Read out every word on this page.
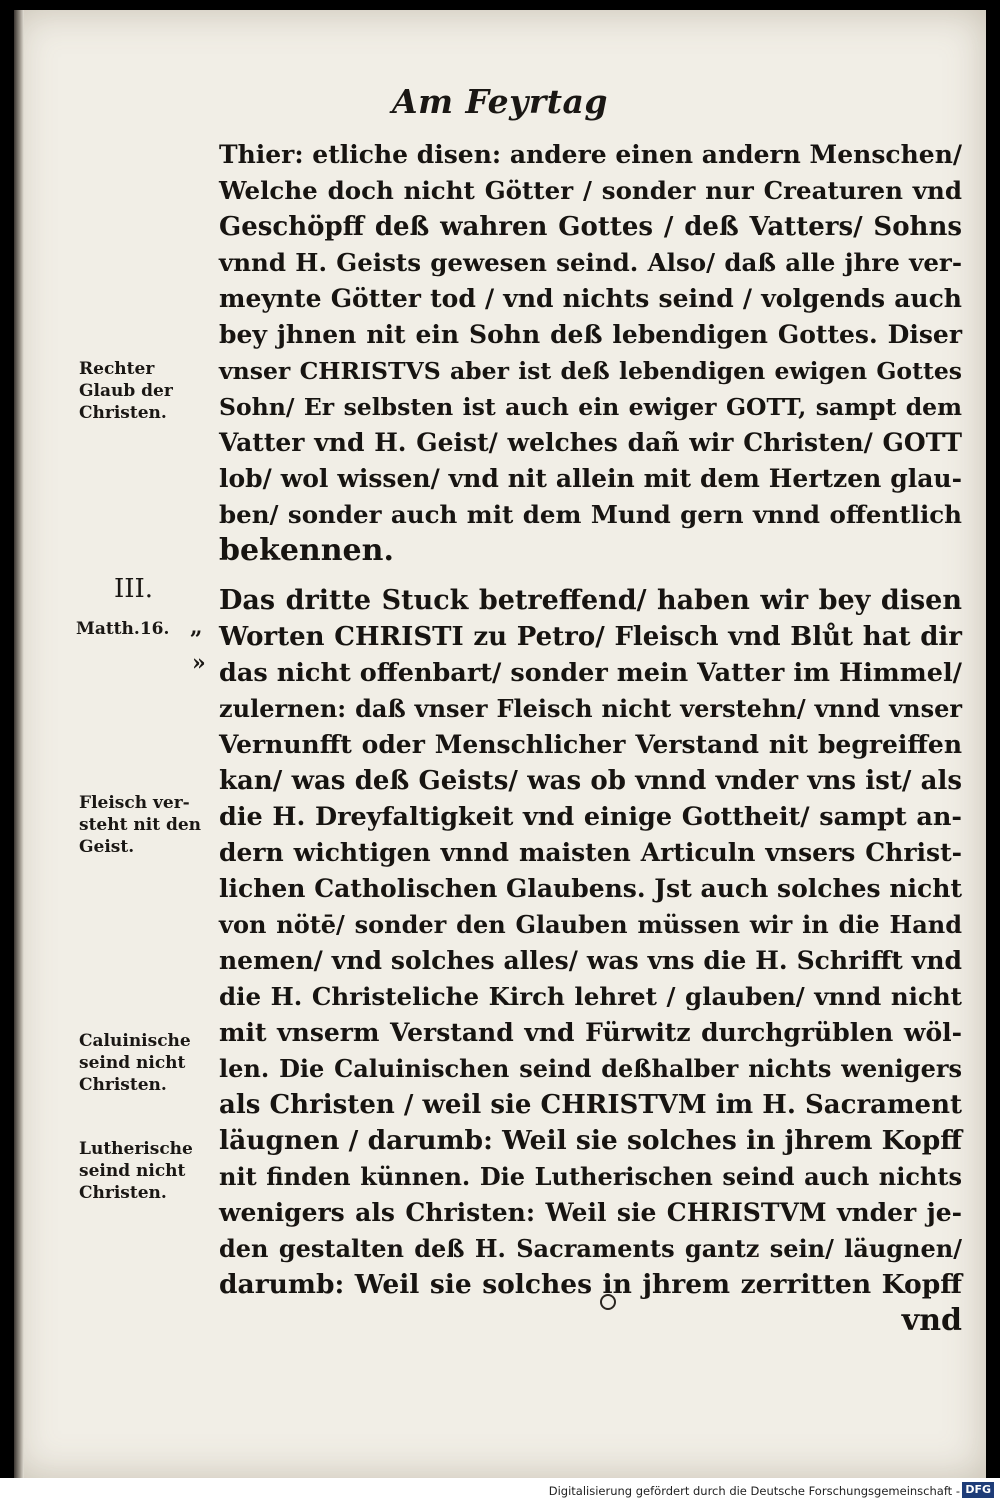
Am Feyrtag
Thier: etliche disen: andere einen andern Menschen/
Welche doch nicht Götter / sonder nur Creaturen vnd
Geschöpff deß wahren Gottes / deß Vatters/ Sohns
vnnd H. Geists gewesen seind. Also/ daß alle jhre ver-
meynte Götter tod / vnd nichts seind / volgends auch
bey jhnen nit ein Sohn deß lebendigen Gottes. Diser
vnser CHRISTVS aber ist deß lebendigen ewigen Gottes
Sohn/ Er selbsten ist auch ein ewiger GOTT, sampt dem
Vatter vnd H. Geist/ welches dañ wir Christen/ GOTT
lob/ wol wissen/ vnd nit allein mit dem Hertzen glau-
ben/ sonder auch mit dem Mund gern vnnd offentlich
bekennen.
Das dritte Stuck betreffend/ haben wir bey disen
Worten CHRISTI zu Petro/ Fleisch vnd Blůt hat dir
das nicht offenbart/ sonder mein Vatter im Himmel/
zulernen: daß vnser Fleisch nicht verstehn/ vnnd vnser
Vernunfft oder Menschlicher Verstand nit begreiffen
kan/ was deß Geists/ was ob vnnd vnder vns ist/ als
die H. Dreyfaltigkeit vnd einige Gottheit/ sampt an-
dern wichtigen vnnd maisten Articuln vnsers Christ-
lichen Catholischen Glaubens. Jst auch solches nicht
von nötē/ sonder den Glauben müssen wir in die Hand
nemen/ vnd solches alles/ was vns die H. Schrifft vnd
die H. Christeliche Kirch lehret / glauben/ vnnd nicht
mit vnserm Verstand vnd Fürwitz durchgrüblen wöl-
len. Die Caluinischen seind deßhalber nichts wenigers
als Christen / weil sie CHRISTVM im H. Sacrament
läugnen / darumb: Weil sie solches in jhrem Kopff
nit finden künnen. Die Lutherischen seind auch nichts
wenigers als Christen: Weil sie CHRISTVM vnder je-
den gestalten deß H. Sacraments gantz sein/ läugnen/
darumb: Weil sie solches in jhrem zerritten Kopff
vnd
Rechter
Glaub der
Christen.
III.
Matth.16. „
»
Fleisch ver-
steht nit den
Geist.
Caluinische
seind nicht
Christen.
Lutherische
seind nicht
Christen.
Digitalisierung gefördert durch die Deutsche Forschungsgemeinschaft - DFG
